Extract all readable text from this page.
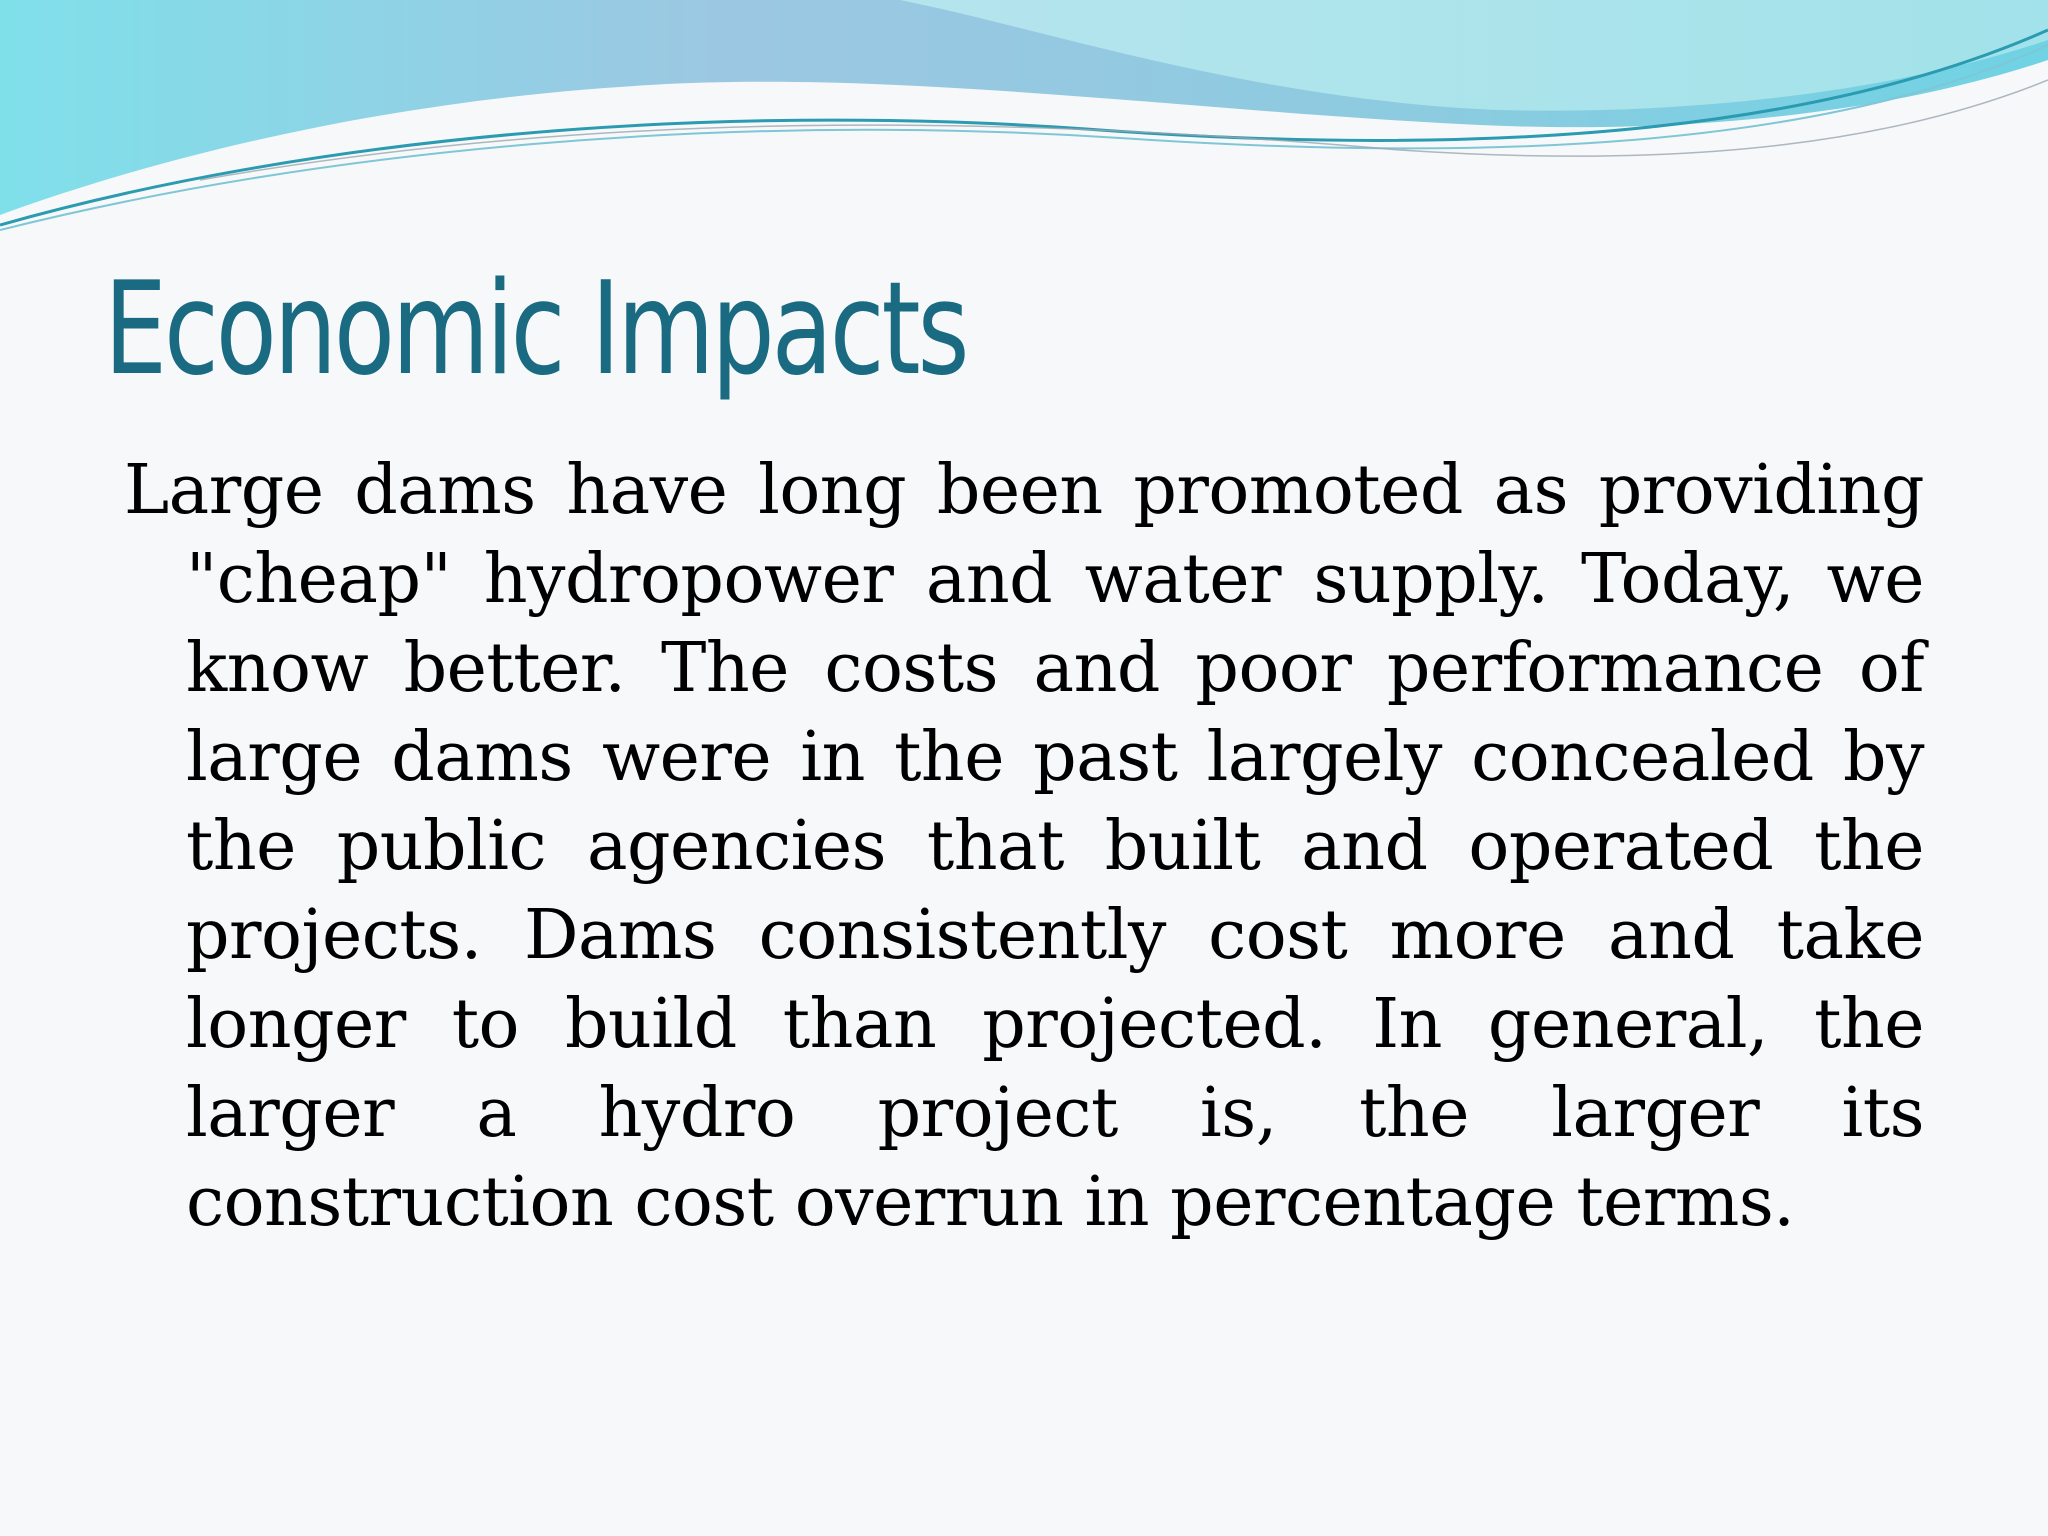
Economic Impacts

Large dams have long been promoted as providing "cheap" hydropower and water supply. Today, we know better. The costs and poor performance of large dams were in the past largely concealed by the public agencies that built and operated the projects. Dams consistently cost more and take longer to build than projected. In general, the larger a hydro project is, the larger its construction cost overrun in percentage terms.
